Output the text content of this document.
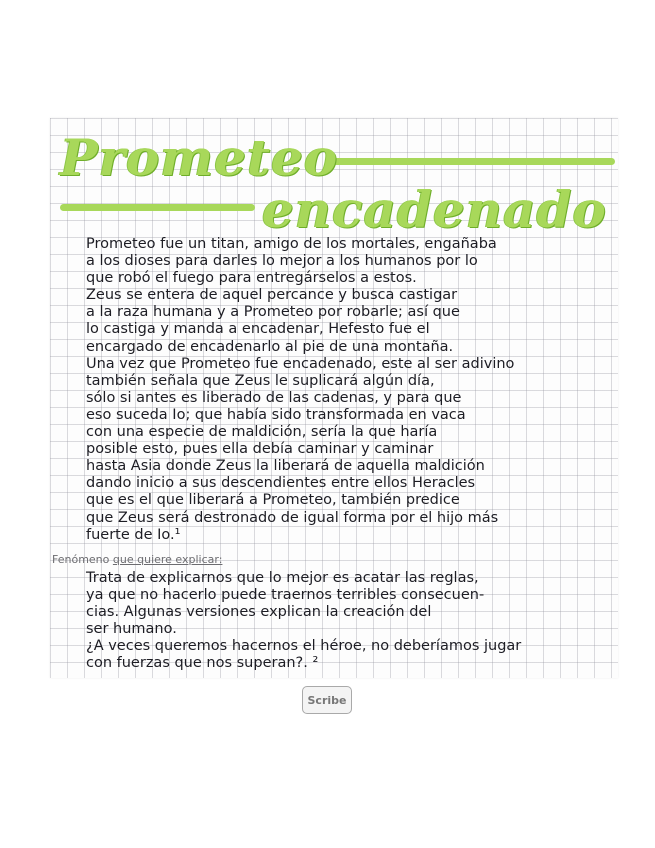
Prometeo
encadenado

Prometeo fue un titan, amigo de los mortales, engañaba
a los dioses para darles lo mejor a los humanos por lo
que robó el fuego para entregárselos a estos.
Zeus se entera de aquel percance y busca castigar
a la raza humana y a Prometeo por robarle; así que
lo castiga y manda a encadenar, Hefesto fue el
encargado de encadenarlo al pie de una montaña.
Una vez que Prometeo fue encadenado, este al ser adivino
también señala que Zeus le suplicará algún día,
sólo si antes es liberado de las cadenas, y para que
eso suceda Io; que había sido transformada en vaca
con una especie de maldición, sería la que haría
posible esto, pues ella debía caminar y caminar
hasta Asia donde Zeus la liberará de aquella maldición
dando inicio a sus descendientes entre ellos Heracles
que es el que liberará a Prometeo, también predice
que Zeus será destronado de igual forma por el hijo más
fuerte de Io.¹

Fenómeno que quiere explicar:

Trata de explicarnos que lo mejor es acatar las reglas,
ya que no hacerlo puede traernos terribles consecuen-
cias. Algunas versiones explican la creación del
ser humano.
¿A veces queremos hacernos el héroe, no deberíamos jugar
con fuerzas que nos superan?. ²

Scribe
